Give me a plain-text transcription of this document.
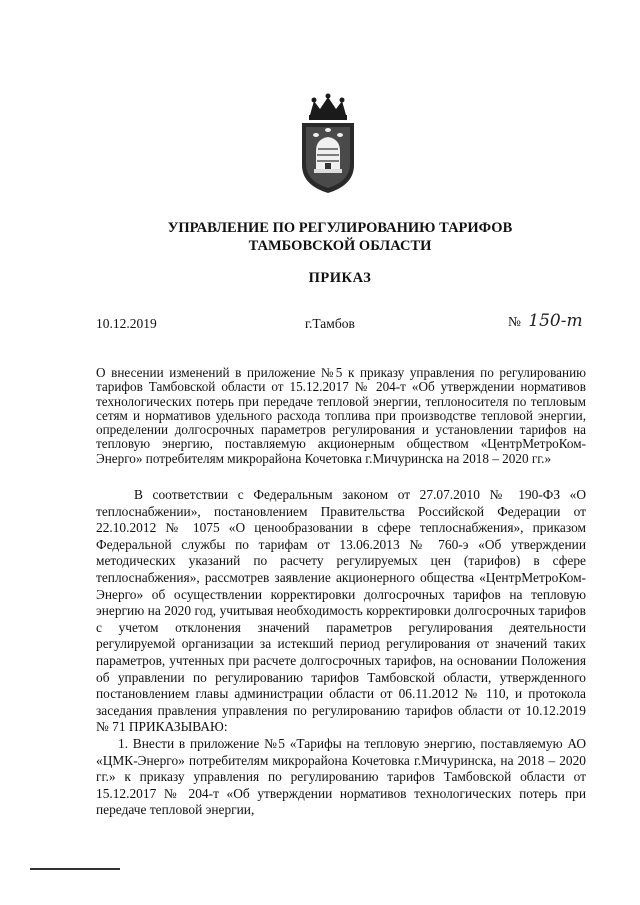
УПРАВЛЕНИЕ ПО РЕГУЛИРОВАНИЮ ТАРИФОВ
ТАМБОВСКОЙ ОБЛАСТИ
ПРИКАЗ
10.12.2019	г.Тамбов	№ 150-т
О внесении изменений в приложение №5 к приказу управления по регулированию тарифов Тамбовской области от 15.12.2017 № 204-т «Об утверждении нормативов технологических потерь при передаче тепловой энергии, теплоносителя по тепловым сетям и нормативов удельного расхода топлива при производстве тепловой энергии, определении долгосрочных параметров регулирования и установлении тарифов на тепловую энергию, поставляемую акционерным обществом «ЦентрМетроКом-Энерго» потребителям микрорайона Кочетовка г.Мичуринска на 2018 – 2020 гг.»

В соответствии с Федеральным законом от 27.07.2010 № 190-ФЗ «О теплоснабжении», постановлением Правительства Российской Федерации от 22.10.2012 № 1075 «О ценообразовании в сфере теплоснабжения», приказом Федеральной службы по тарифам от 13.06.2013 № 760-э «Об утверждении методических указаний по расчету регулируемых цен (тарифов) в сфере теплоснабжения», рассмотрев заявление акционерного общества «ЦентрМетроКом-Энерго» об осуществлении корректировки долгосрочных тарифов на тепловую энергию на 2020 год, учитывая необходимость корректировки долгосрочных тарифов с учетом отклонения значений параметров регулирования деятельности регулируемой организации за истекший период регулирования от значений таких параметров, учтенных при расчете долгосрочных тарифов, на основании Положения об управлении по регулированию тарифов Тамбовской области, утвержденного постановлением главы администрации области от 06.11.2012 № 110, и протокола заседания правления управления по регулированию тарифов области от 10.12.2019 № 71 ПРИКАЗЫВАЮ:

1. Внести в приложение №5 «Тарифы на тепловую энергию, поставляемую АО «ЦМК-Энерго» потребителям микрорайона Кочетовка г.Мичуринска, на 2018 – 2020 гг.» к приказу управления по регулированию тарифов Тамбовской области от 15.12.2017 № 204-т «Об утверждении нормативов технологических потерь при передаче тепловой энергии,
